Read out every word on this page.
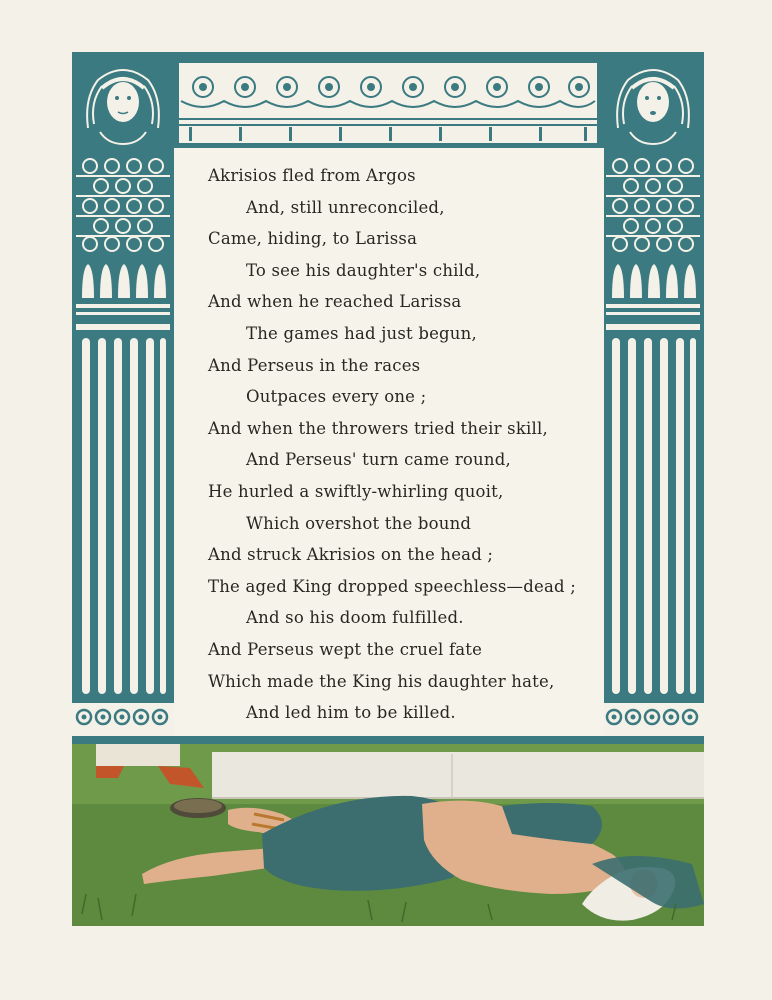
Akrisios fled from Argos
And, still unreconciled,
Came, hiding, to Larissa
To see his daughter's child,
And when he reached Larissa
The games had just begun,
And Perseus in the races
Outpaces every one ;
And when the throwers tried their skill,
And Perseus' turn came round,
He hurled a swiftly-whirling quoit,
Which overshot the bound
And struck Akrisios on the head ;
The aged King dropped speechless—dead ;
And so his doom fulfilled.
And Perseus wept the cruel fate
Which made the King his daughter hate,
And led him to be killed.
